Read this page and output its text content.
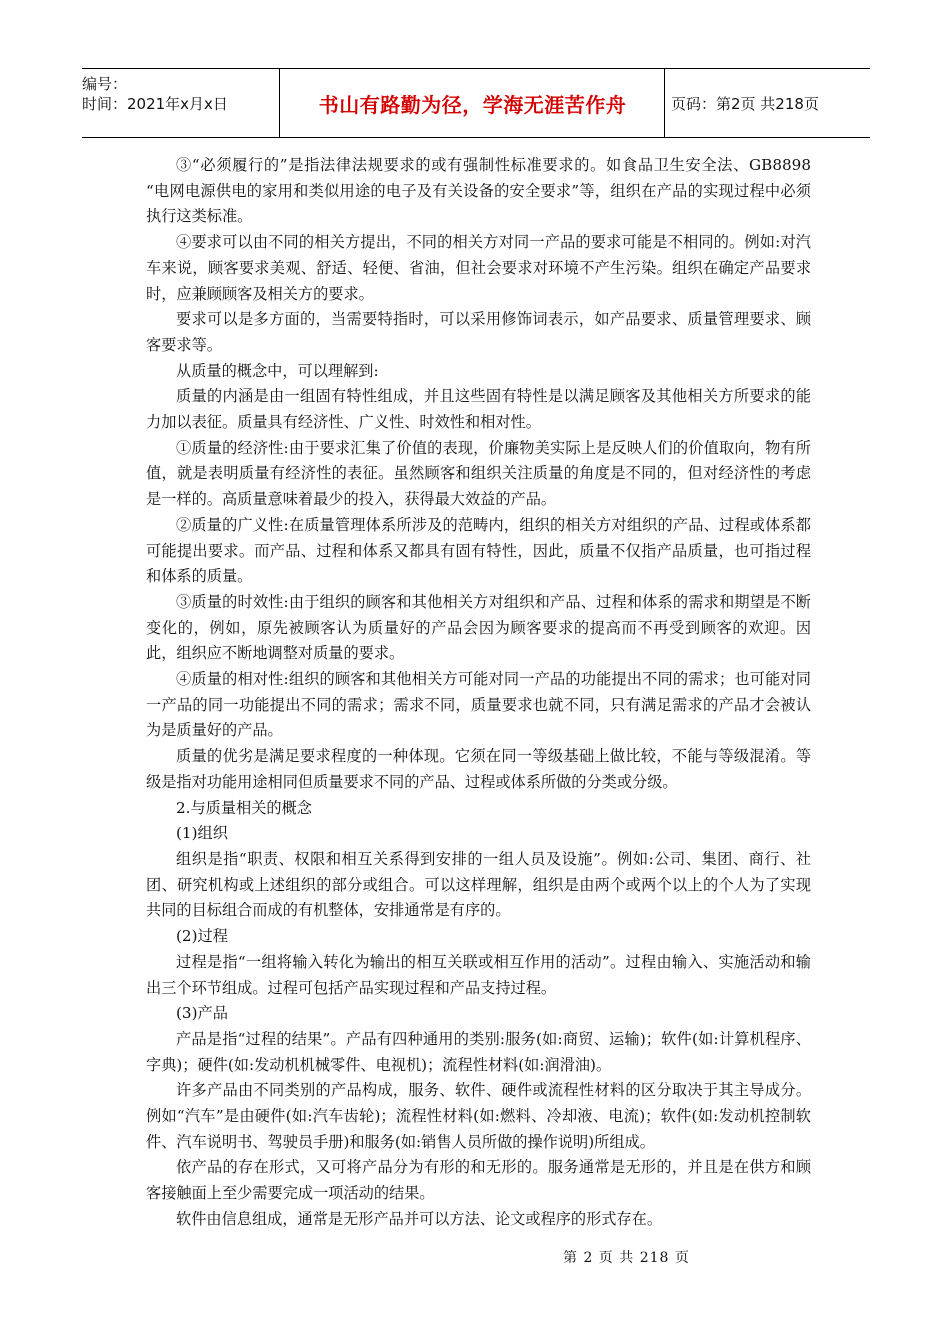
编号：
时间：2021年x月x日	书山有路勤为径，学海无涯苦作舟	页码：第2页 共218页

③“必须履行的”是指法律法规要求的或有强制性标准要求的。如食品卫生安全法、GB8898 “电网电源供电的家用和类似用途的电子及有关设备的安全要求”等，组织在产品的实现过程中必须执行这类标准。

④要求可以由不同的相关方提出，不同的相关方对同一产品的要求可能是不相同的。例如:对汽车来说，顾客要求美观、舒适、轻便、省油，但社会要求对环境不产生污染。组织在确定产品要求时，应兼顾顾客及相关方的要求。

要求可以是多方面的，当需要特指时，可以采用修饰词表示，如产品要求、质量管理要求、顾客要求等。

从质量的概念中，可以理解到:

质量的内涵是由一组固有特性组成，并且这些固有特性是以满足顾客及其他相关方所要求的能力加以表征。质量具有经济性、广义性、时效性和相对性。

①质量的经济性:由于要求汇集了价值的表现，价廉物美实际上是反映人们的价值取向，物有所值，就是表明质量有经济性的表征。虽然顾客和组织关注质量的角度是不同的，但对经济性的考虑是一样的。高质量意味着最少的投入，获得最大效益的产品。

②质量的广义性:在质量管理体系所涉及的范畴内，组织的相关方对组织的产品、过程或体系都可能提出要求。而产品、过程和体系又都具有固有特性，因此，质量不仅指产品质量，也可指过程和体系的质量。

③质量的时效性:由于组织的顾客和其他相关方对组织和产品、过程和体系的需求和期望是不断变化的，例如，原先被顾客认为质量好的产品会因为顾客要求的提高而不再受到顾客的欢迎。因此，组织应不断地调整对质量的要求。

④质量的相对性:组织的顾客和其他相关方可能对同一产品的功能提出不同的需求；也可能对同一产品的同一功能提出不同的需求；需求不同，质量要求也就不同，只有满足需求的产品才会被认为是质量好的产品。

质量的优劣是满足要求程度的一种体现。它须在同一等级基础上做比较，不能与等级混淆。等级是指对功能用途相同但质量要求不同的产品、过程或体系所做的分类或分级。

2.与质量相关的概念

(1)组织

组织是指“职责、权限和相互关系得到安排的一组人员及设施”。例如:公司、集团、商行、社团、研究机构或上述组织的部分或组合。可以这样理解，组织是由两个或两个以上的个人为了实现共同的目标组合而成的有机整体，安排通常是有序的。

(2)过程

过程是指“一组将输入转化为输出的相互关联或相互作用的活动”。过程由输入、实施活动和输出三个环节组成。过程可包括产品实现过程和产品支持过程。

(3)产品

产品是指“过程的结果”。产品有四种通用的类别:服务(如:商贸、运输)；软件(如:计算机程序、字典)；硬件(如:发动机机械零件、电视机)；流程性材料(如:润滑油)。

许多产品由不同类别的产品构成，服务、软件、硬件或流程性材料的区分取决于其主导成分。例如“汽车”是由硬件(如:汽车齿轮)；流程性材料(如:燃料、冷却液、电流)；软件(如:发动机控制软件、汽车说明书、驾驶员手册)和服务(如:销售人员所做的操作说明)所组成。

依产品的存在形式，又可将产品分为有形的和无形的。服务通常是无形的，并且是在供方和顾客接触面上至少需要完成一项活动的结果。

软件由信息组成，通常是无形产品并可以方法、论文或程序的形式存在。

第 2 页 共 218 页
